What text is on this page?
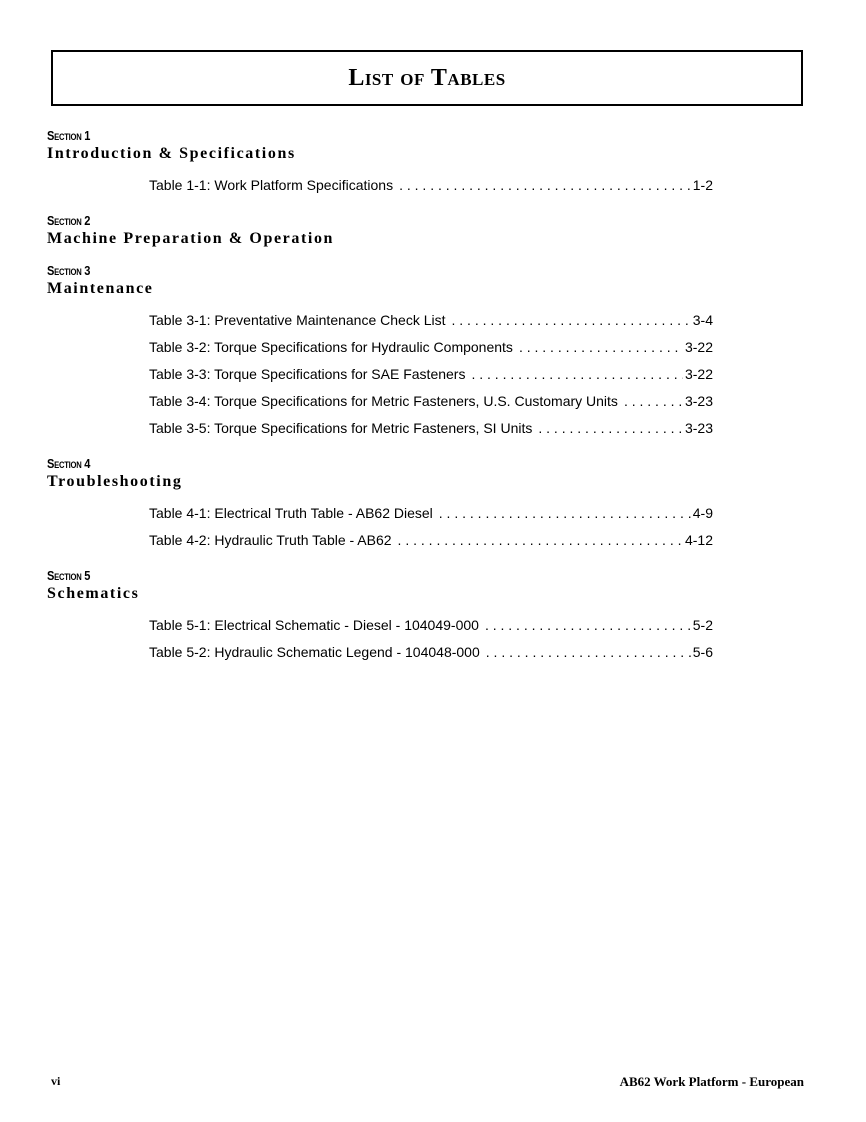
List of Tables
Section 1
Introduction & Specifications
Table 1-1: Work Platform Specifications . . .	1-2
Section 2
Machine Preparation & Operation
Section 3
Maintenance
Table 3-1: Preventative Maintenance Check List . . .	3-4
Table 3-2: Torque Specifications for Hydraulic Components . . .	3-22
Table 3-3: Torque Specifications for SAE Fasteners . . .	3-22
Table 3-4: Torque Specifications for Metric Fasteners, U.S. Customary Units . . .	3-23
Table 3-5: Torque Specifications for Metric Fasteners, SI Units . . .	3-23
Section 4
Troubleshooting
Table 4-1: Electrical Truth Table - AB62 Diesel . . .	4-9
Table 4-2: Hydraulic Truth Table - AB62 . . .	4-12
Section 5
Schematics
Table 5-1: Electrical Schematic - Diesel - 104049-000 . . .	5-2
Table 5-2: Hydraulic Schematic Legend - 104048-000 . . .	5-6
vi	AB62 Work Platform - European
